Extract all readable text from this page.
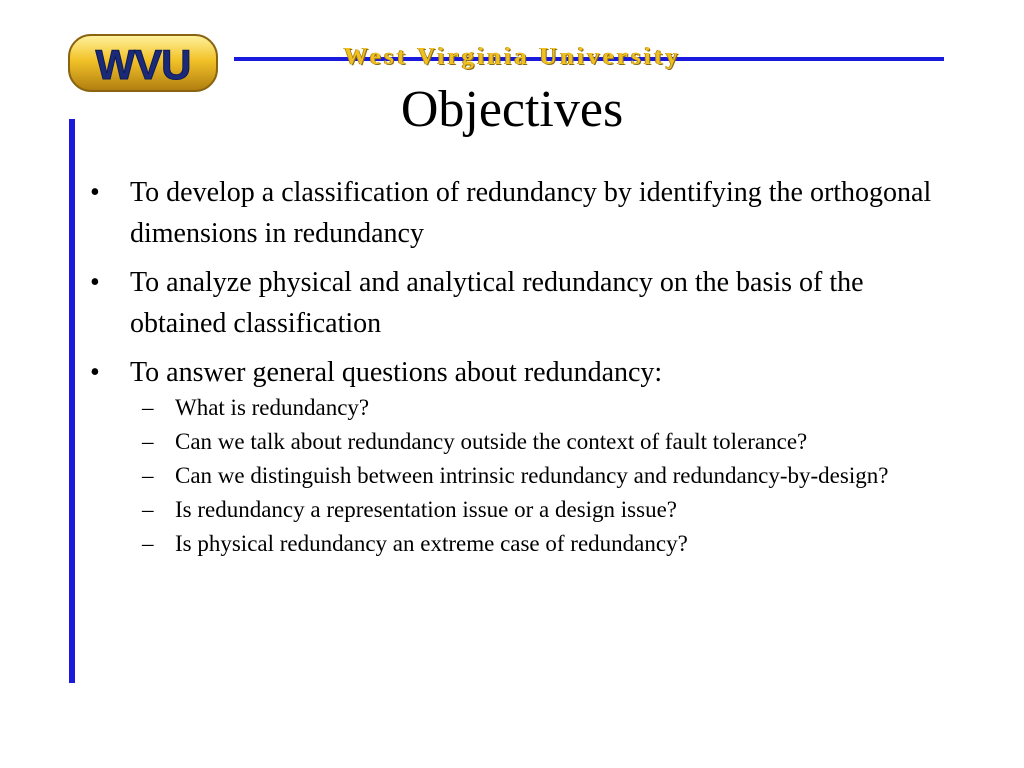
WVU	West Virginia University
Objectives
•	To develop a classification of redundancy by identifying the orthogonal dimensions in redundancy
•	To analyze physical and analytical redundancy on the basis of the obtained classification
•	To answer general questions about redundancy:
– What is redundancy?
– Can we talk about redundancy outside the context of fault tolerance?
– Can we distinguish between intrinsic redundancy and redundancy-by-design?
– Is redundancy a representation issue or a design issue?
– Is physical redundancy an extreme case of redundancy?
